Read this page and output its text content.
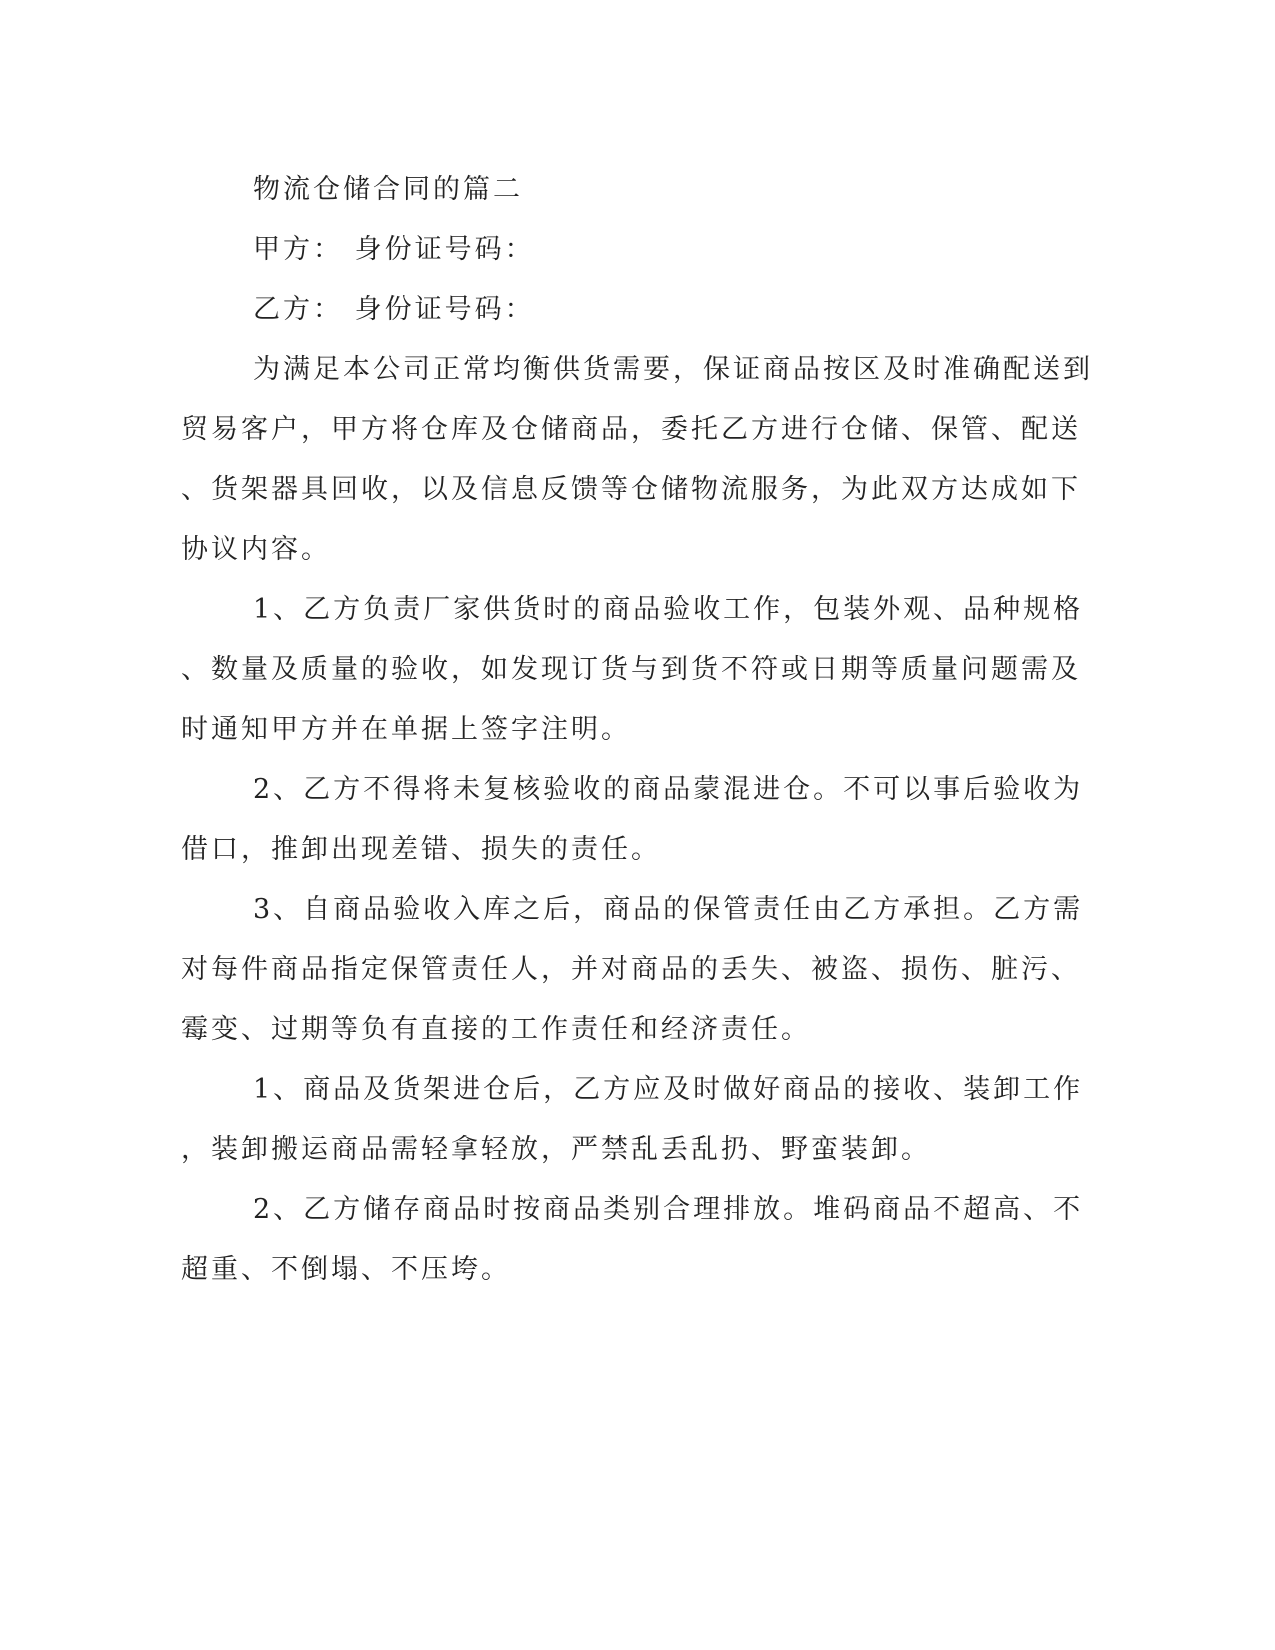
物流仓储合同的篇二

甲方： 身份证号码：

乙方： 身份证号码：

为满足本公司正常均衡供货需要，保证商品按区及时准确配送到

贸易客户，甲方将仓库及仓储商品，委托乙方进行仓储、保管、配送

、货架器具回收，以及信息反馈等仓储物流服务，为此双方达成如下

协议内容。

1、乙方负责厂家供货时的商品验收工作，包装外观、品种规格

、数量及质量的验收，如发现订货与到货不符或日期等质量问题需及

时通知甲方并在单据上签字注明。

2、乙方不得将未复核验收的商品蒙混进仓。不可以事后验收为

借口，推卸出现差错、损失的责任。

3、自商品验收入库之后，商品的保管责任由乙方承担。乙方需

对每件商品指定保管责任人，并对商品的丢失、被盗、损伤、脏污、

霉变、过期等负有直接的工作责任和经济责任。

1、商品及货架进仓后，乙方应及时做好商品的接收、装卸工作

，装卸搬运商品需轻拿轻放，严禁乱丢乱扔、野蛮装卸。

2、乙方储存商品时按商品类别合理排放。堆码商品不超高、不

超重、不倒塌、不压垮。
